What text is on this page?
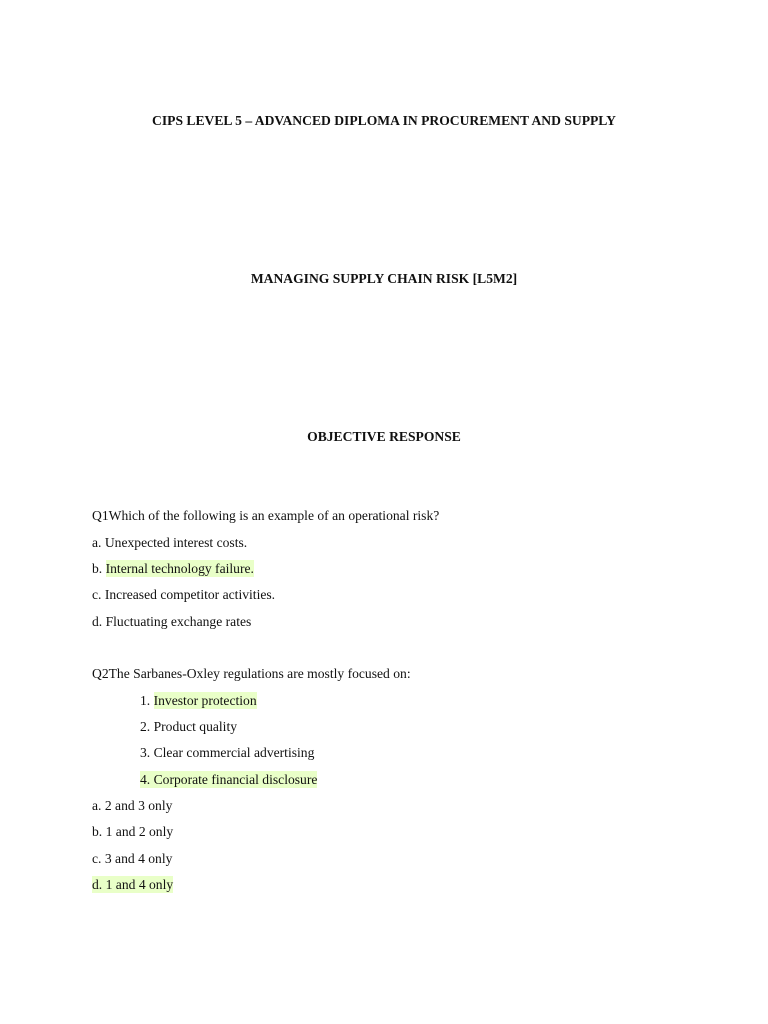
CIPS LEVEL 5 – ADVANCED DIPLOMA IN PROCUREMENT AND SUPPLY
MANAGING SUPPLY CHAIN RISK [L5M2]
OBJECTIVE RESPONSE
Q1Which of the following is an example of an operational risk?
a. Unexpected interest costs.
b. Internal technology failure.
c. Increased competitor activities.
d. Fluctuating exchange rates
Q2The Sarbanes-Oxley regulations are mostly focused on:
1. Investor protection
2. Product quality
3. Clear commercial advertising
4. Corporate financial disclosure
a. 2 and 3 only
b. 1 and 2 only
c. 3 and 4 only
d. 1 and 4 only
